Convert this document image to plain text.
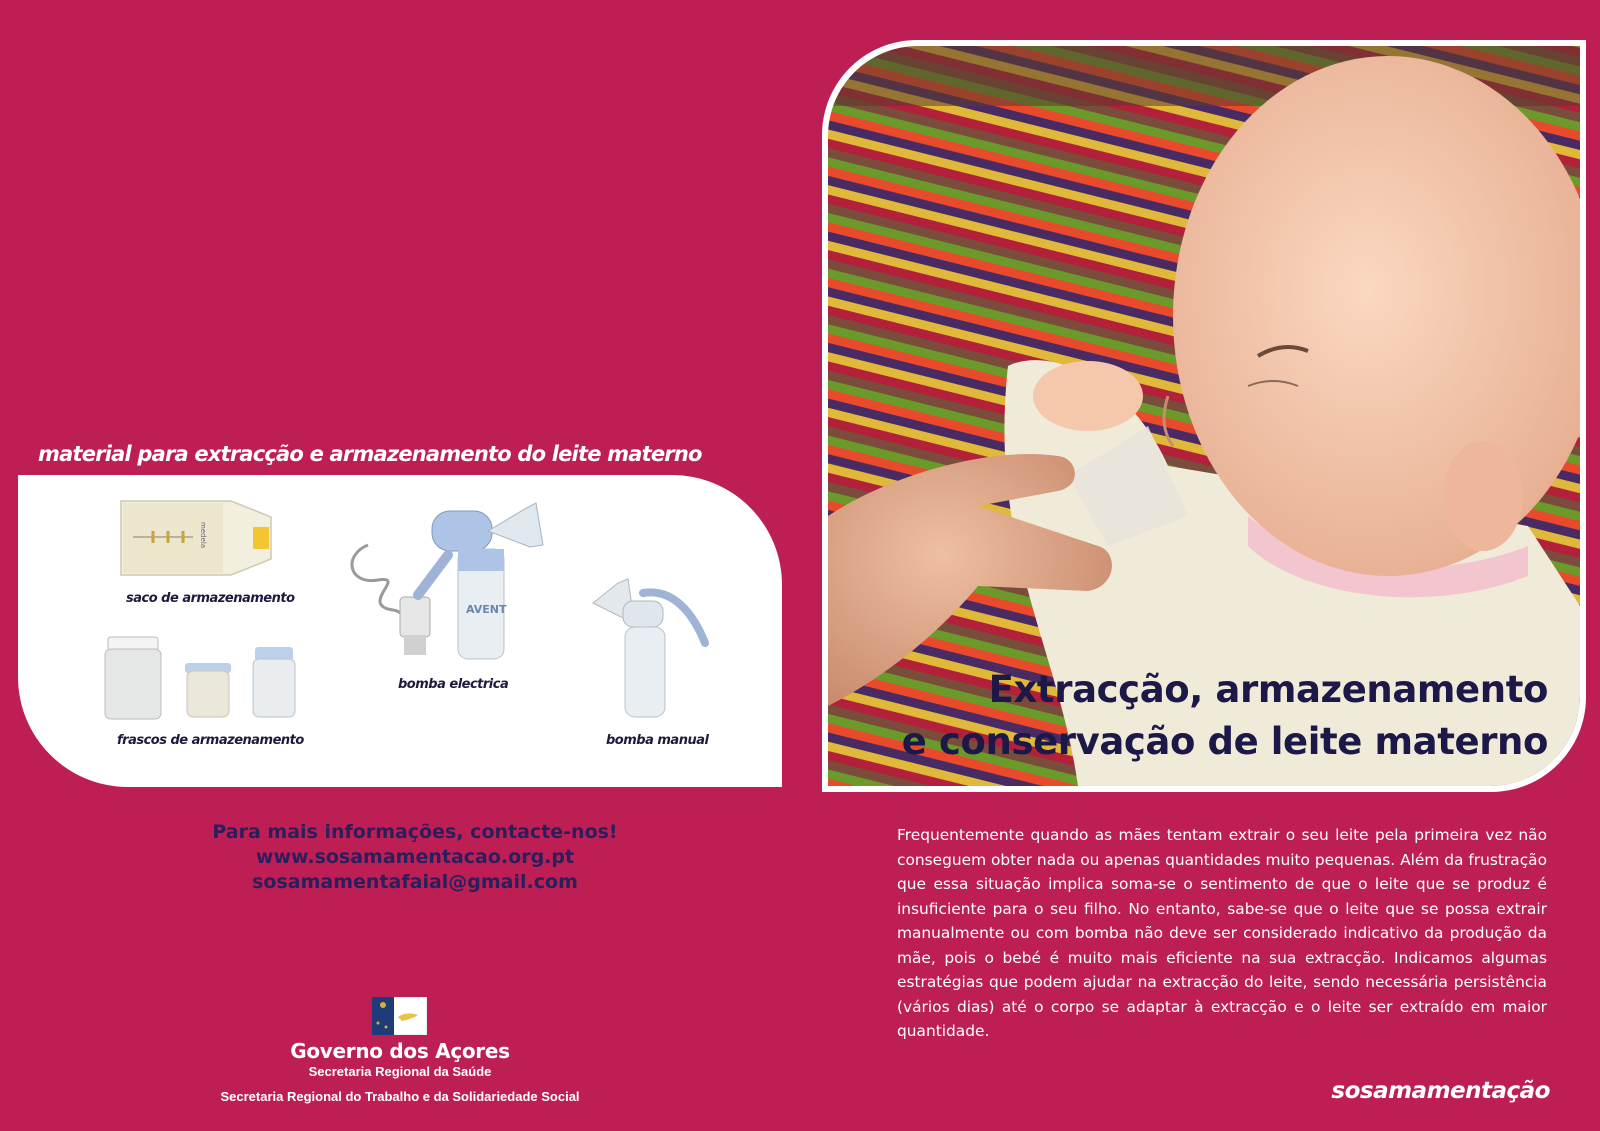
material para extracção e armazenamento do leite materno
medela
saco de armazenamento
AVENT
bomba electrica
frascos de armazenamento	bomba manual
Para mais informações, contacte-nos!
www.sosamamentacao.org.pt
sosamamentafaial@gmail.com
Governo dos Açores
Secretaria Regional da Saúde
Secretaria Regional do Trabalho e da Solidariedade Social
Extracção, armazenamento
e conservação de leite materno
Frequentemente quando as mães tentam extrair o seu leite pela primeira vez não conseguem obter nada ou apenas quantidades muito pequenas. Além da frustração que essa situação implica soma-se o sentimento de que o leite que se produz é insuficiente para o seu filho. No entanto, sabe-se que o leite que se possa extrair manualmente ou com bomba não deve ser considerado indicativo da produção da mãe, pois o bebé é muito mais eficiente na sua extracção. Indicamos algumas estratégias que podem ajudar na extracção do leite, sendo necessária persistência (vários dias) até o corpo se adaptar à extracção e o leite ser extraído em maior quantidade.
sosamamentação
